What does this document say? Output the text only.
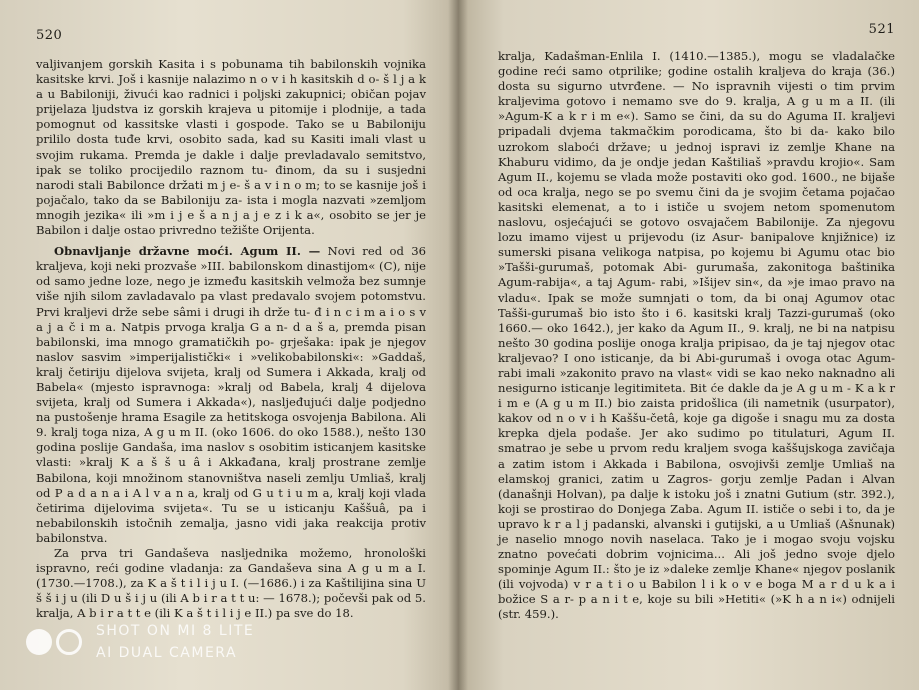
520

valjivanjem gorskih Kasita i s pobunama tih babilonskih vojnika kasitske krvi. Još i kasnije nalazimo n o v i h kasitskih d o- š l j a k a u Babiloniji, živući kao radnici i poljski zakupnici; običan pojav prijelaza ljudstva iz gorskih krajeva u pitomije i plodnije, a tada pomognut od kassitske vlasti i gospode. Tako se u Babiloniju prililo dosta tuđe krvi, osobito sada, kad su Kasiti imali vlast u svojim rukama. Premda je dakle i dalje prevladavalo semitstvo, ipak se toliko procijedilo raznom tu- đinom, da su i susjedni narodi stali Babilonce držati m j e- š a v i n o m; to se kasnije još i pojačalo, tako da se Babiloniju za- ista i mogla nazvati »zemljom mnogih jezika« ili »m i j e š a n j a j e z i k a«, osobito se jer je Babilon i dalje ostao privredno težište Orijenta.

Obnavljanje državne moći. Agum II. — Novi red od 36 kraljeva, koji neki prozvaše »III. babilonskom dinastijom« (C), nije od samo jedne loze, nego je između kasitskih velmoža bez sumnje više njih silom zavladavalo pa vlast predavalo svojem potomstvu. Prvi kraljevi drže sebe sâmi i drugi ih drže tu- đ i n c i m a i o s v a j a č i m a. Natpis prvoga kralja G a n- d a š a, premda pisan babilonski, ima mnogo gramatičkih po- grješaka: ipak je njegov naslov sasvim »imperijalistički« i »velikobabilonski«: »Gaddaš, kralj četiriju dijelova svijeta, kralj od Sumera i Akkada, kralj od Babela« (mjesto ispravnoga: »kralj od Babela, kralj 4 dijelova svijeta, kralj od Sumera i Akkada«), nasljeđujući dalje podjedno na pustošenje hrama Esagile za hetitskoga osvojenja Babilona. Ali 9. kralj toga niza, A g u m II. (oko 1606. do oko 1588.), nešto 130 godina poslije Gandaša, ima naslov s osobitim isticanjem kasitske vlasti: »kralj K a š š u â i Akkađana, kralj prostrane zemlje Babilona, koji množinom stanovništva naseli zemlju Umliaš, kralj od P a d a n a i A l v a n a, kralj od G u t i u m a, kralj koji vlada četirima dijelovima svijeta«. Tu se u isticanju Kaššuâ, pa i nebabilonskih istočnih zemalja, jasno vidi jaka reakcija protiv babilonstva.

Za prva tri Gandaševa nasljednika možemo, hronološki ispravno, reći godine vladanja: za Gandaševa sina A g u m a I. (1730.—1708.), za K a š t i l i j u I. (—1686.) i za Kaštilijina sina U š š i j u (ili D u š i j u (ili A b i r a t t u: — 1678.); počevši pak od 5. kralja, A b i r a t t e (ili K a š t i l i j e II.) pa sve do 18.

521

kralja, Kadašman-Enlila I. (1410.—1385.), mogu se vladalačke godine reći samo otprilike; godine ostalih kraljeva do kraja (36.) dosta su sigurno utvrđene. — No ispravnih vijesti o tim prvim kraljevima gotovo i nemamo sve do 9. kralja, A g u m a II. (ili »Agum-K a k r i m e«). Samo se čini, da su do Aguma II. kraljevi pripadali dvjema takmačkim porodicama, što bi da- kako bilo uzrokom slaboći države; u jednoj ispravi iz zemlje Khane na Khaburu vidimo, da je ondje jedan Kaštiliaš »pravdu krojio«. Sam Agum II., kojemu se vlada može postaviti oko god. 1600., ne bijaše od oca kralja, nego se po svemu čini da je svojim četama pojačao kasitski elemenat, a to i ističe u svojem netom spomenutom naslovu, osjećajući se gotovo osvajačem Babilonije. Za njegovu lozu imamo vijest u prijevodu (iz Asur- banipalove knjižnice) iz sumerski pisana velikoga natpisa, po kojemu bi Agumu otac bio »Tašši-gurumaš, potomak Abi- gurumaša, zakonitoga baštinika Agum-rabija«, a taj Agum- rabi, »Išijev sin«, da »je imao pravo na vladu«. Ipak se može sumnjati o tom, da bi onaj Agumov otac Tašši-gurumaš bio isto što i 6. kasitski kralj Tazzi-gurumaš (oko 1660.— oko 1642.), jer kako da Agum II., 9. kralj, ne bi na natpisu nešto 30 godina poslije onoga kralja pripisao, da je taj njegov otac kraljevao? I ono isticanje, da bi Abi-gurumaš i ovoga otac Agum-rabi imali »zakonito pravo na vlast« vidi se kao neko naknadno ali nesigurno isticanje legitimiteta. Bit će dakle da je A g u m - K a k r i m e (A g u m II.) bio zaista pridošlica (ili nametnik (usurpator), kakov od n o v i h Kaššu-četâ, koje ga digoše i snagu mu za dosta krepka djela podaše. Jer ako sudimo po titulaturi, Agum II. smatrao je sebe u prvom redu kraljem svoga kaššujskoga zavičaja a zatim istom i Akkada i Babilona, osvojivši zemlje Umliaš na elamskoj granici, zatim u Zagros- gorju zemlje Padan i Alvan (današnji Holvan), pa dalje k istoku još i znatni Gutium (str. 392.), koji se prostirao do Donjega Zaba. Agum II. ističe o sebi i to, da je upravo k r a l j padanski, alvanski i gutijski, a u Umliaš (Ašnunak) je naselio mnogo novih naselaca. Tako je i mogao svoju vojsku znatno povećati dobrim vojnicima... Ali još jedno svoje djelo spominje Agum II.: što je iz »daleke zemlje Khane« njegov poslanik (ili vojvoda) v r a t i o u Babilon l i k o v e boga M a r d u k a i božice S a r- p a n i t e, koje su bili »Hetiti« (»K h a n i«) odnijeli (str. 459.).

SHOT ON MI 8 LITE
AI DUAL CAMERA
